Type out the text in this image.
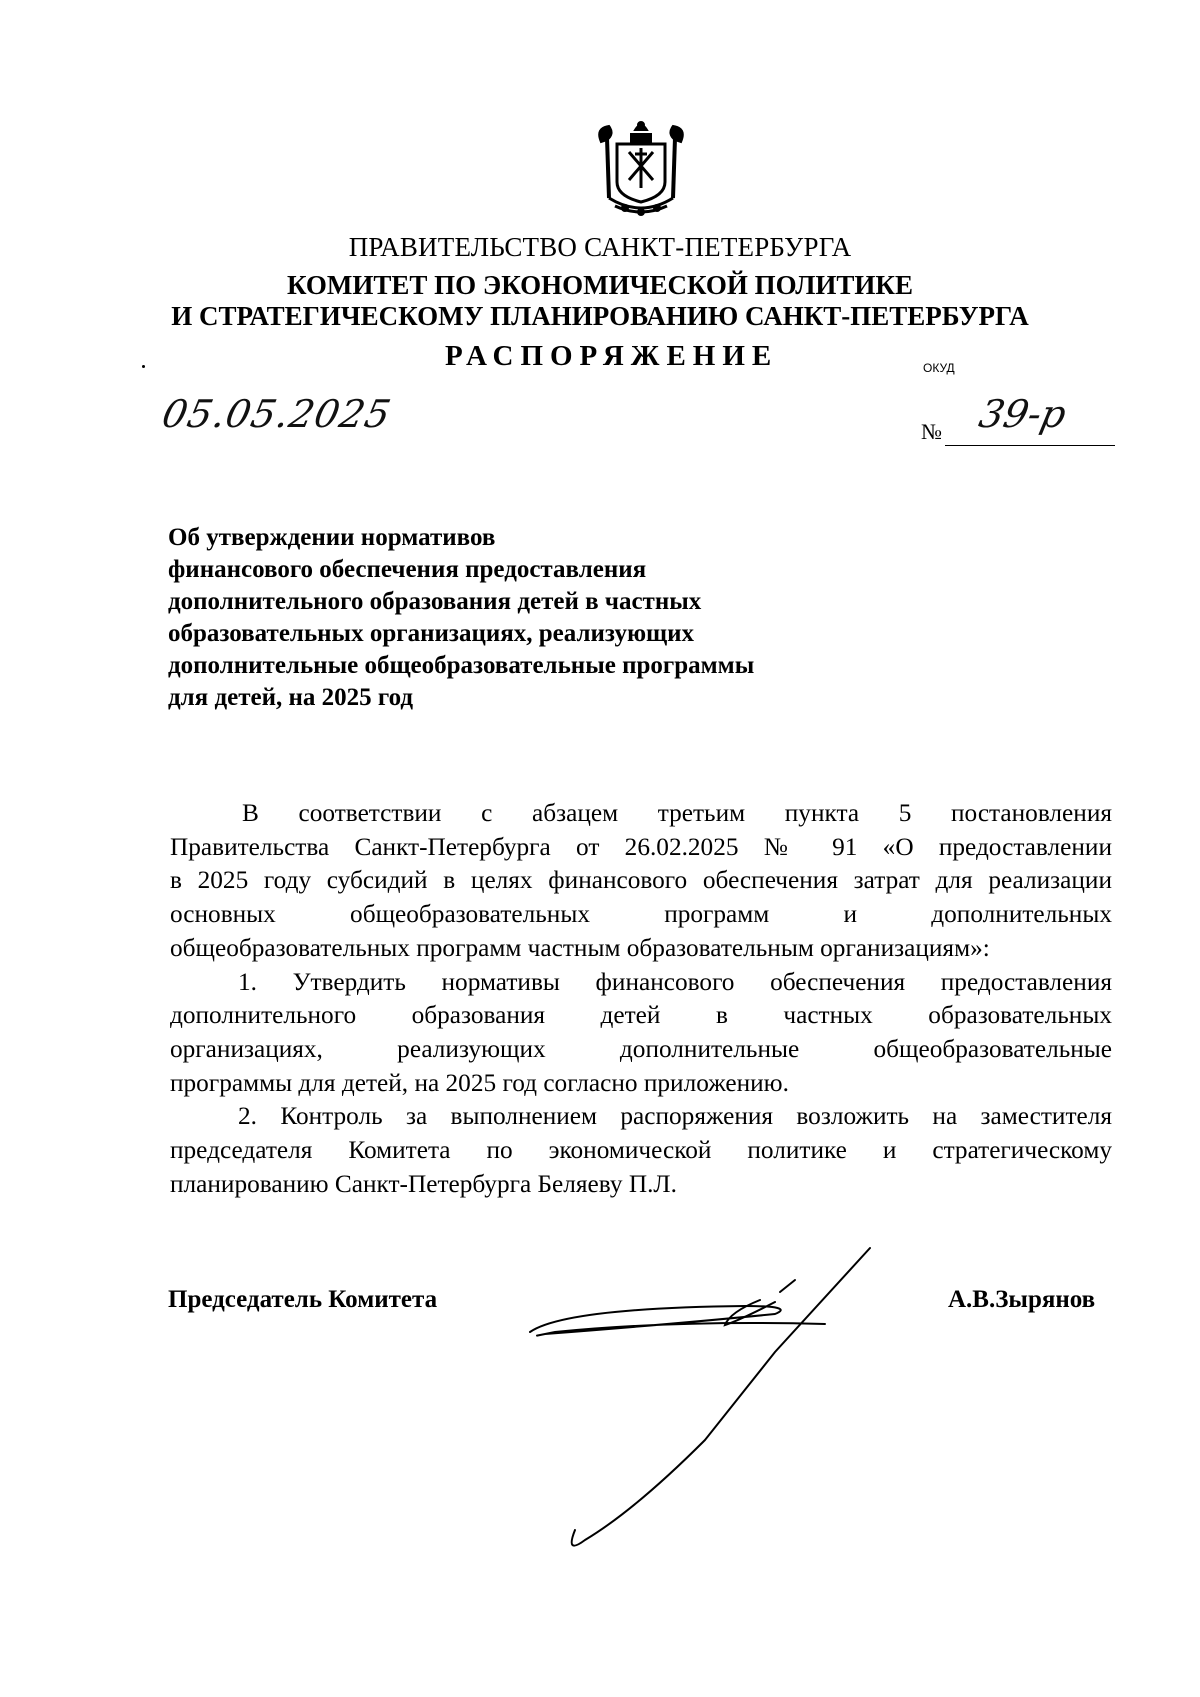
ПРАВИТЕЛЬСТВО САНКТ-ПЕТЕРБУРГА
КОМИТЕТ ПО ЭКОНОМИЧЕСКОЙ ПОЛИТИКЕ
И СТРАТЕГИЧЕСКОМУ ПЛАНИРОВАНИЮ САНКТ-ПЕТЕРБУРГА
РАСПОРЯЖЕНИЕ	ОКУД
05.05.2025	№ 39-р
Об утверждении нормативов
финансового обеспечения предоставления
дополнительного образования детей в частных
образовательных организациях, реализующих
дополнительные общеобразовательные программы
для детей, на 2025 год
В соответствии с абзацем третьим пункта 5 постановления
Правительства Санкт-Петербурга от 26.02.2025 № 91 «О предоставлении
в 2025 году субсидий в целях финансового обеспечения затрат для реализации
основных общеобразовательных программ и дополнительных
общеобразовательных программ частным образовательным организациям»:
1. Утвердить нормативы финансового обеспечения предоставления
дополнительного образования детей в частных образовательных
организациях, реализующих дополнительные общеобразовательные
программы для детей, на 2025 год согласно приложению.
2. Контроль за выполнением распоряжения возложить на заместителя
председателя Комитета по экономической политике и стратегическому
планированию Санкт-Петербурга Беляеву П.Л.
Председатель Комитета	А.В.Зырянов
